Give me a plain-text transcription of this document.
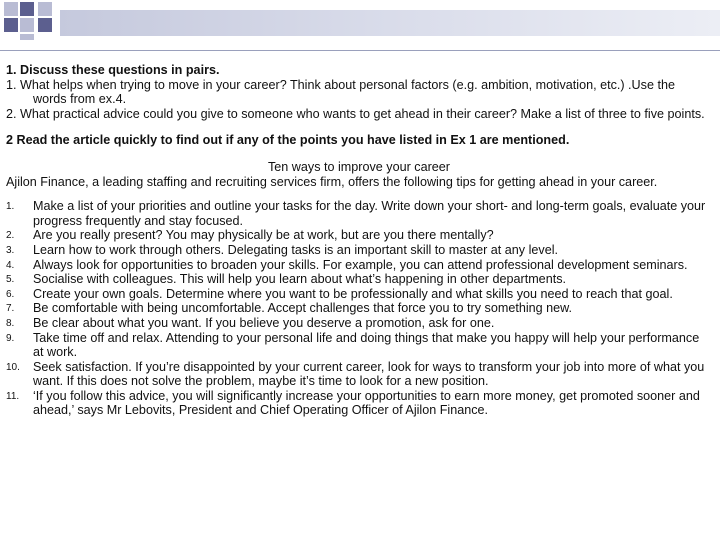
1. Discuss these questions in pairs.

1. What helps when trying to move in your career? Think about personal factors (e.g. ambition, motivation, etc.) .Use the words from ex.4.

2. What practical advice could you give to someone who wants to get ahead in their career? Make a list of three to five points.

2 Read the article quickly to find out if any of the points you have listed in Ex 1 are mentioned.

Ten ways to improve your career

Ajilon Finance, a leading staffing and recruiting services firm, offers the following tips for getting ahead in your career.

1. Make a list of your priorities and outline your tasks for the day. Write down your short- and long-term goals, evaluate your progress frequently and stay focused.
2. Are you really present? You may physically be at work, but are you there mentally?
3. Learn how to work through others. Delegating tasks is an important skill to master at any level.
4. Always look for opportunities to broaden your skills. For example, you can attend professional development seminars.
5. Socialise with colleagues. This will help you learn about what’s happening in other departments.
6. Create your own goals. Determine where you want to be professionally and what skills you need to reach that goal.
7. Be comfortable with being uncomfortable. Accept challenges that force you to try something new.
8. Be clear about what you want. If you believe you deserve a promotion, ask for one.
9. Take time off and relax. Attending to your personal life and doing things that make you happy will help your performance at work.
10. Seek satisfaction. If you’re disappointed by your current career, look for ways to transform your job into more of what you want. If this does not solve the problem, maybe it’s time to look for a new position.
11. ‘If you follow this advice, you will significantly increase your opportunities to earn more money, get promoted sooner and ahead,’ says Mr Lebovits, President and Chief Operating Officer of Ajilon Finance.
